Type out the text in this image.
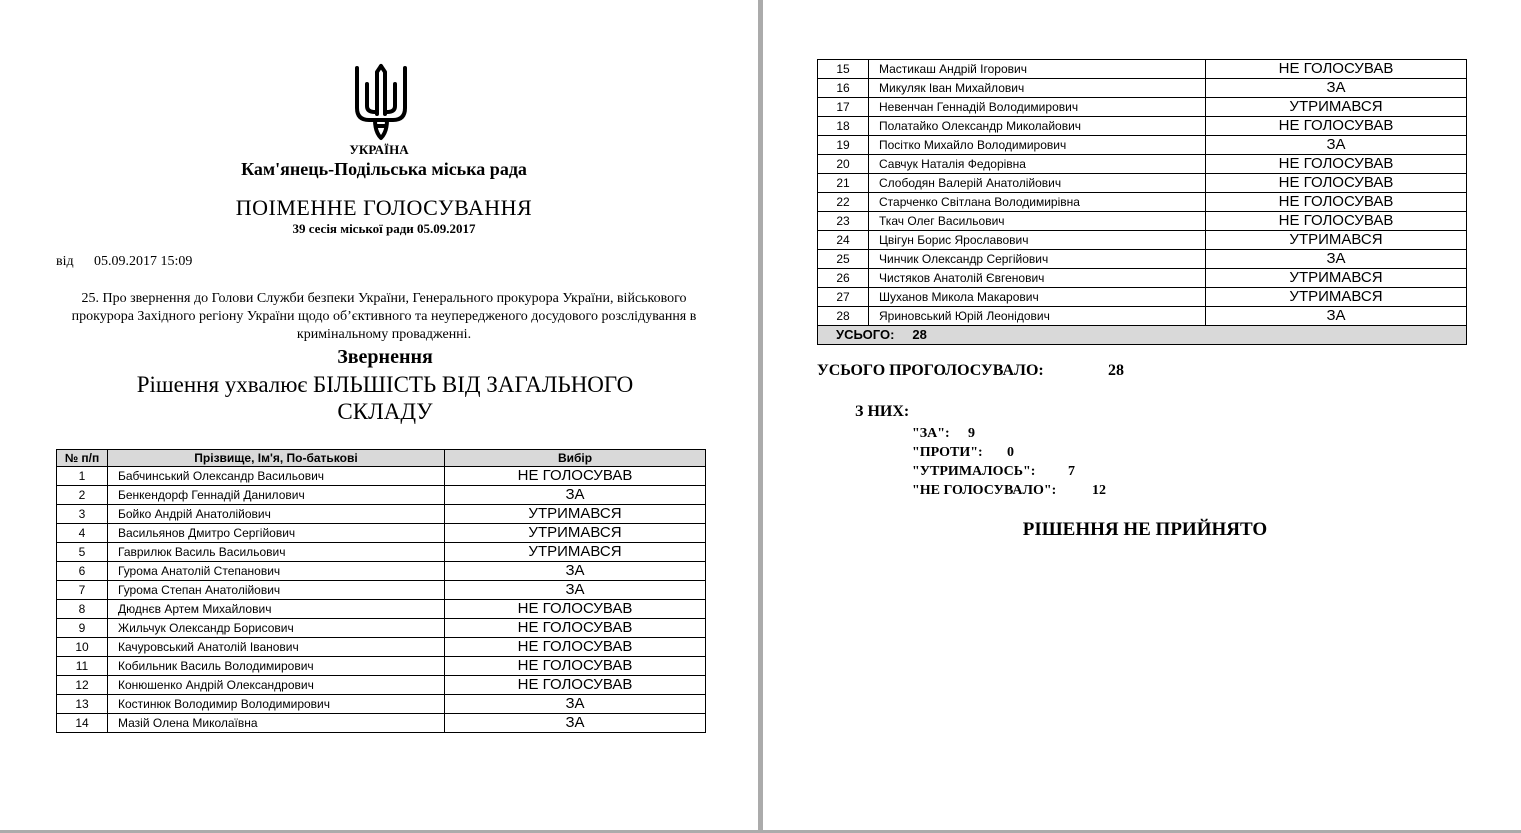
УКРАЇНА
Кам'янець-Подільська міська рада
ПОІМЕННЕ ГОЛОСУВАННЯ
39 сесія міської ради 05.09.2017
від 05.09.2017 15:09
25. Про звернення до Голови Служби безпеки України, Генерального прокурора України, військового прокурора Західного регіону України щодо об’єктивного та неупередженого досудового розслідування в кримінальному провадженні.
Звернення
Рішення ухвалює БІЛЬШІСТЬ ВІД ЗАГАЛЬНОГО СКЛАДУ
№ п/п	Прізвище, Ім'я, По-батькові	Вибір
1	Бабчинський Олександр Васильович	НЕ ГОЛОСУВАВ
2	Бенкендорф Геннадій Данилович	ЗА
3	Бойко Андрій Анатолійович	УТРИМАВСЯ
4	Васильянов Дмитро Сергійович	УТРИМАВСЯ
5	Гаврилюк Василь Васильович	УТРИМАВСЯ
6	Гурома Анатолій Степанович	ЗА
7	Гурома Степан Анатолійович	ЗА
8	Дюднєв Артем Михайлович	НЕ ГОЛОСУВАВ
9	Жильчук Олександр Борисович	НЕ ГОЛОСУВАВ
10	Качуровський Анатолій Іванович	НЕ ГОЛОСУВАВ
11	Кобильник Василь Володимирович	НЕ ГОЛОСУВАВ
12	Конюшенко Андрій Олександрович	НЕ ГОЛОСУВАВ
13	Костинюк Володимир Володимирович	ЗА
14	Мазій Олена Миколаївна	ЗА
15	Мастикаш Андрій Ігорович	НЕ ГОЛОСУВАВ
16	Микуляк Іван Михайлович	ЗА
17	Невенчан Геннадій Володимирович	УТРИМАВСЯ
18	Полатайко Олександр Миколайович	НЕ ГОЛОСУВАВ
19	Посітко Михайло Володимирович	ЗА
20	Савчук Наталія Федорівна	НЕ ГОЛОСУВАВ
21	Слободян Валерій Анатолійович	НЕ ГОЛОСУВАВ
22	Старченко Світлана Володимирівна	НЕ ГОЛОСУВАВ
23	Ткач Олег Васильович	НЕ ГОЛОСУВАВ
24	Цвігун Борис Ярославович	УТРИМАВСЯ
25	Чинчик Олександр Сергійович	ЗА
26	Чистяков Анатолій Євгенович	УТРИМАВСЯ
27	Шуханов Микола Макарович	УТРИМАВСЯ
28	Яриновський Юрій Леонідович	ЗА
УСЬОГО: 28		
УСЬОГО ПРОГОЛОСУВАЛО:	28
З НИХ:
"ЗА": 9
"ПРОТИ": 0
"УТРИМАЛОСЬ": 7
"НЕ ГОЛОСУВАЛО":	12
РІШЕННЯ НЕ ПРИЙНЯТО
